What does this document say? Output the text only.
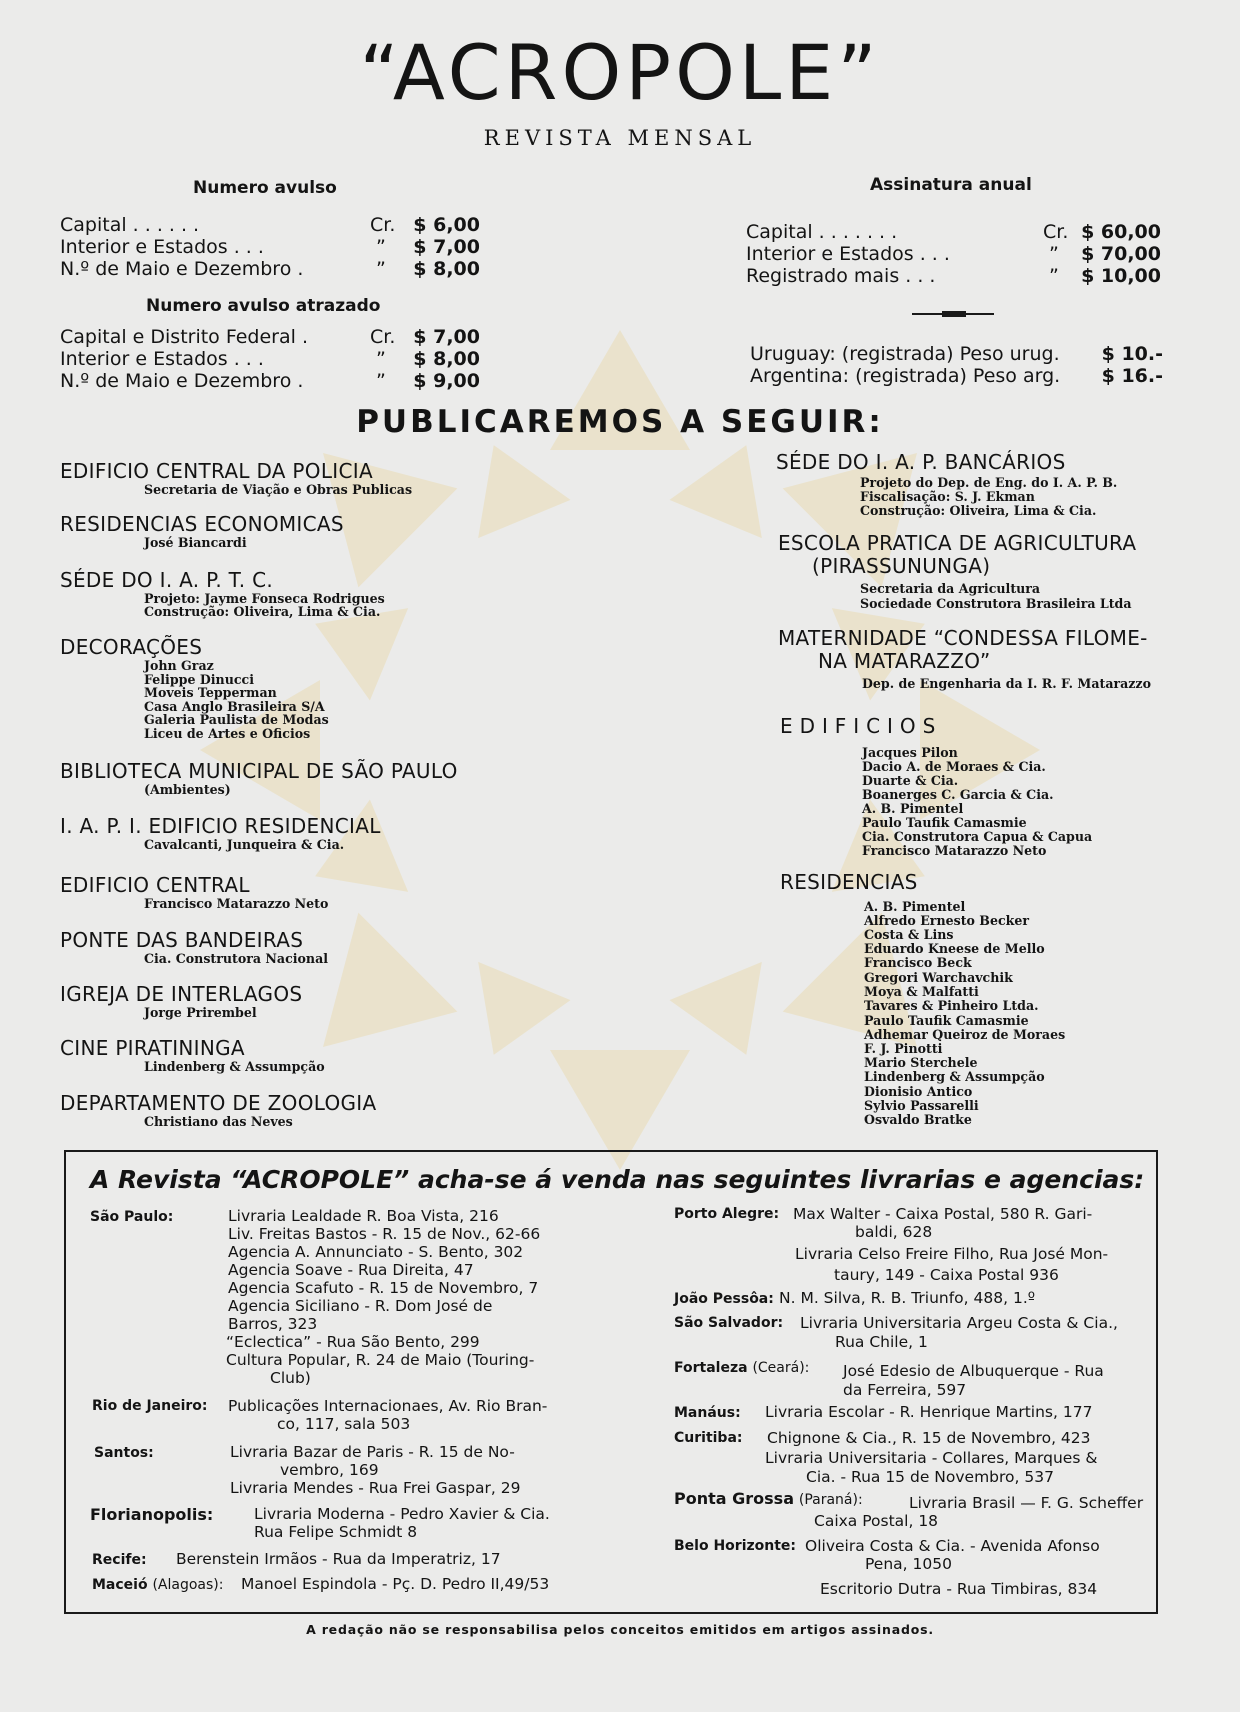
“ACROPOLE”
REVISTA MENSAL
Numero avulso
Capital . . . . . .	Cr. $ 6,00
Interior e Estados . . .	” $ 7,00
N.º de Maio e Dezembro .	” $ 8,00
Numero avulso atrazado
Capital e Distrito Federal .	Cr. $ 7,00
Interior e Estados . . .	” $ 8,00
N.º de Maio e Dezembro .	” $ 9,00
Assinatura anual
Capital . . . . . . .	Cr. $ 60,00
Interior e Estados . . .	” $ 70,00
Registrado mais . . .	” $ 10,00
Uruguay: (registrada) Peso urug. $ 10.-
Argentina: (registrada) Peso arg. $ 16.-
PUBLICAREMOS A SEGUIR:
EDIFICIO CENTRAL DA POLICIA
Secretaria de Viação e Obras Publicas
RESIDENCIAS ECONOMICAS
José Biancardi
SÉDE DO I. A. P. T. C.
Projeto: Jayme Fonseca Rodrigues
Construção: Oliveira, Lima & Cia.
DECORAÇÕES
John Graz
Felippe Dinucci
Moveis Tepperman
Casa Anglo Brasileira S/A
Galeria Paulista de Modas
Liceu de Artes e Oficios
BIBLIOTECA MUNICIPAL DE SÃO PAULO
(Ambientes)
I. A. P. I. EDIFICIO RESIDENCIAL
Cavalcanti, Junqueira & Cia.
EDIFICIO CENTRAL
Francisco Matarazzo Neto
PONTE DAS BANDEIRAS
Cia. Construtora Nacional
IGREJA DE INTERLAGOS
Jorge Prirembel
CINE PIRATININGA
Lindenberg & Assumpção
DEPARTAMENTO DE ZOOLOGIA
Christiano das Neves
SÉDE DO I. A. P. BANCÁRIOS
Projeto do Dep. de Eng. do I. A. P. B.
Fiscalisação: S. J. Ekman
Construção: Oliveira, Lima & Cia.
ESCOLA PRATICA DE AGRICULTURA
(PIRASSUNUNGA)
Secretaria da Agricultura
Sociedade Construtora Brasileira Ltda
MATERNIDADE “CONDESSA FILOME-
NA MATARAZZO”
Dep. de Engenharia da I. R. F. Matarazzo
E D I F I C I O S
Jacques Pilon
Dacio A. de Moraes & Cia.
Duarte & Cia.
Boanerges C. Garcia & Cia.
A. B. Pimentel
Paulo Taufik Camasmie
Cia. Construtora Capua & Capua
Francisco Matarazzo Neto
RESIDENCIAS
A. B. Pimentel
Alfredo Ernesto Becker
Costa & Lins
Eduardo Kneese de Mello
Francisco Beck
Gregori Warchavchik
Moya & Malfatti
Tavares & Pinheiro Ltda.
Paulo Taufik Camasmie
Adhemar Queiroz de Moraes
F. J. Pinotti
Mario Sterchele
Lindenberg & Assumpção
Dionisio Antico
Sylvio Passarelli
Osvaldo Bratke
A Revista “ACROPOLE” acha-se á venda nas seguintes livrarias e agencias:
São Paulo:	Livraria Lealdade R. Boa Vista, 216
Liv. Freitas Bastos - R. 15 de Nov., 62-66
Agencia A. Annunciato - S. Bento, 302
Agencia Soave - Rua Direita, 47
Agencia Scafuto - R. 15 de Novembro, 7
Agencia Siciliano - R. Dom José de
Barros, 323
“Eclectica” - Rua São Bento, 299
Cultura Popular, R. 24 de Maio (Touring-
Club)
Rio de Janeiro: Publicações Internacionaes, Av. Rio Bran-
co, 117, sala 503
Santos:	Livraria Bazar de Paris - R. 15 de No-
vembro, 169
Livraria Mendes - Rua Frei Gaspar, 29
Florianopolis:	Livraria Moderna - Pedro Xavier & Cia.
Rua Felipe Schmidt 8
Recife: Berenstein Irmãos - Rua da Imperatriz, 17
Maceió (Alagoas): Manoel Espindola - Pç. D. Pedro II,49/53
Porto Alegre: Max Walter - Caixa Postal, 580 R. Gari-
baldi, 628
Livraria Celso Freire Filho, Rua José Mon-
taury, 149 - Caixa Postal 936
João Pessôa: N. M. Silva, R. B. Triunfo, 488, 1.º
São Salvador: Livraria Universitaria Argeu Costa & Cia.,
Rua Chile, 1
Fortaleza (Ceará): José Edesio de Albuquerque - Rua
da Ferreira, 597
Manáus: Livraria Escolar - R. Henrique Martins, 177
Curitiba: Chignone & Cia., R. 15 de Novembro, 423
Livraria Universitaria - Collares, Marques &
Cia. - Rua 15 de Novembro, 537
Ponta Grossa (Paraná):	Livraria Brasil — F. G. Scheffer
Caixa Postal, 18
Belo Horizonte: Oliveira Costa & Cia. - Avenida Afonso
Pena, 1050
Escritorio Dutra - Rua Timbiras, 834
A redação não se responsabilisa pelos conceitos emitidos em artigos assinados.
